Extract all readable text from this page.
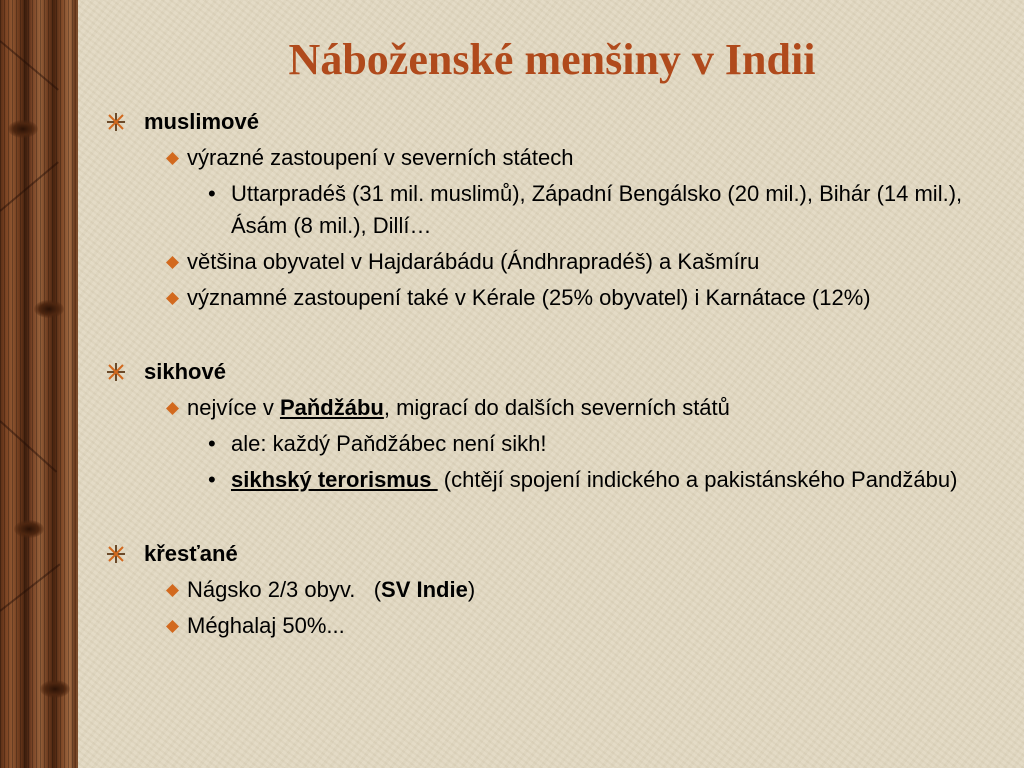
Náboženské menšiny v Indii
muslimové
výrazné zastoupení v severních státech
• Uttarpradéš (31 mil. muslimů), Západní Bengálsko (20 mil.), Bihár (14 mil.), Ásám (8 mil.), Dillí…
většina obyvatel v Hajdarábádu (Ándhrapradéš) a Kašmíru
významné zastoupení také v Kérale (25% obyvatel) i Karnátace (12%)
sikhové
nejvíce v Paňdžábu, migrací do dalších severních států
• ale: každý Paňdžábec není sikh!
• sikhský terorismus  (chtějí spojení indického a pakistánského Pandžábu)
křesťané
Nágsko 2/3 obyv.   (SV Indie)
Méghalaj 50%...
